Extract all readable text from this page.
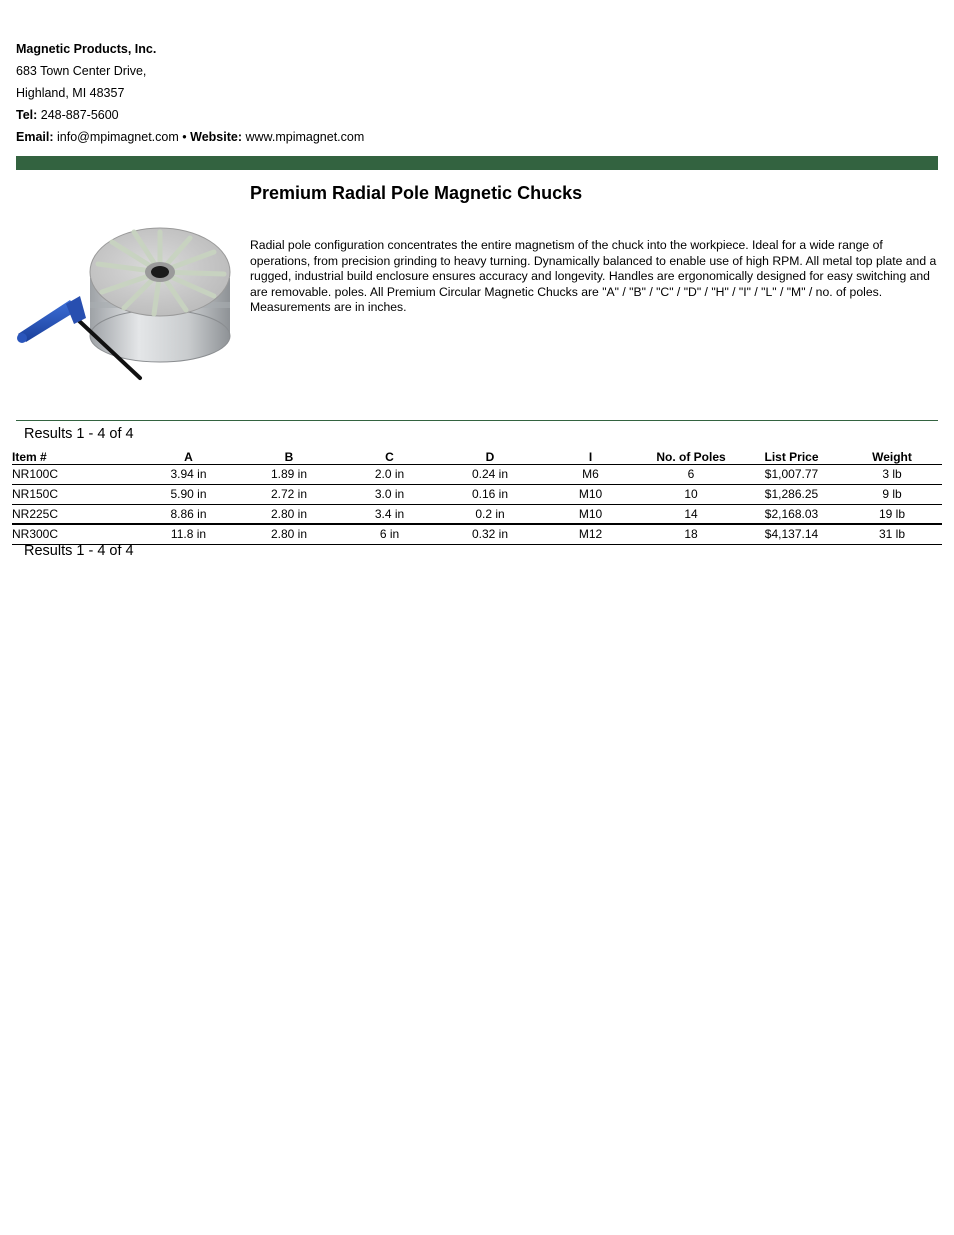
Magnetic Products, Inc.
683 Town Center Drive,
Highland, MI 48357
Tel: 248-887-5600
Email: info@mpimagnet.com • Website: www.mpimagnet.com
Premium Radial Pole Magnetic Chucks

Radial pole configuration concentrates the entire magnetism of the chuck into the workpiece. Ideal for a wide range of operations, from precision grinding to heavy turning. Dynamically balanced to enable use of high RPM. All metal top plate and a rugged, industrial build enclosure ensures accuracy and longevity. Handles are ergonomically designed for easy switching and are removable. poles. All Premium Circular Magnetic Chucks are "A" / "B" / "C" / "D" / "H" / "I" / "L" / "M" / no. of poles. Measurements are in inches.

Results 1 - 4 of 4
Item #	A	B	C	D	I	No. of Poles	List Price	Weight
NR100C	3.94 in	1.89 in	2.0 in	0.24 in	M6	6	$1,007.77	3 lb
NR150C	5.90 in	2.72 in	3.0 in	0.16 in	M10	10	$1,286.25	9 lb
NR225C	8.86 in	2.80 in	3.4 in	0.2 in	M10	14	$2,168.03	19 lb
NR300C	11.8 in	2.80 in	6 in	0.32 in	M12	18	$4,137.14	31 lb
Results 1 - 4 of 4
